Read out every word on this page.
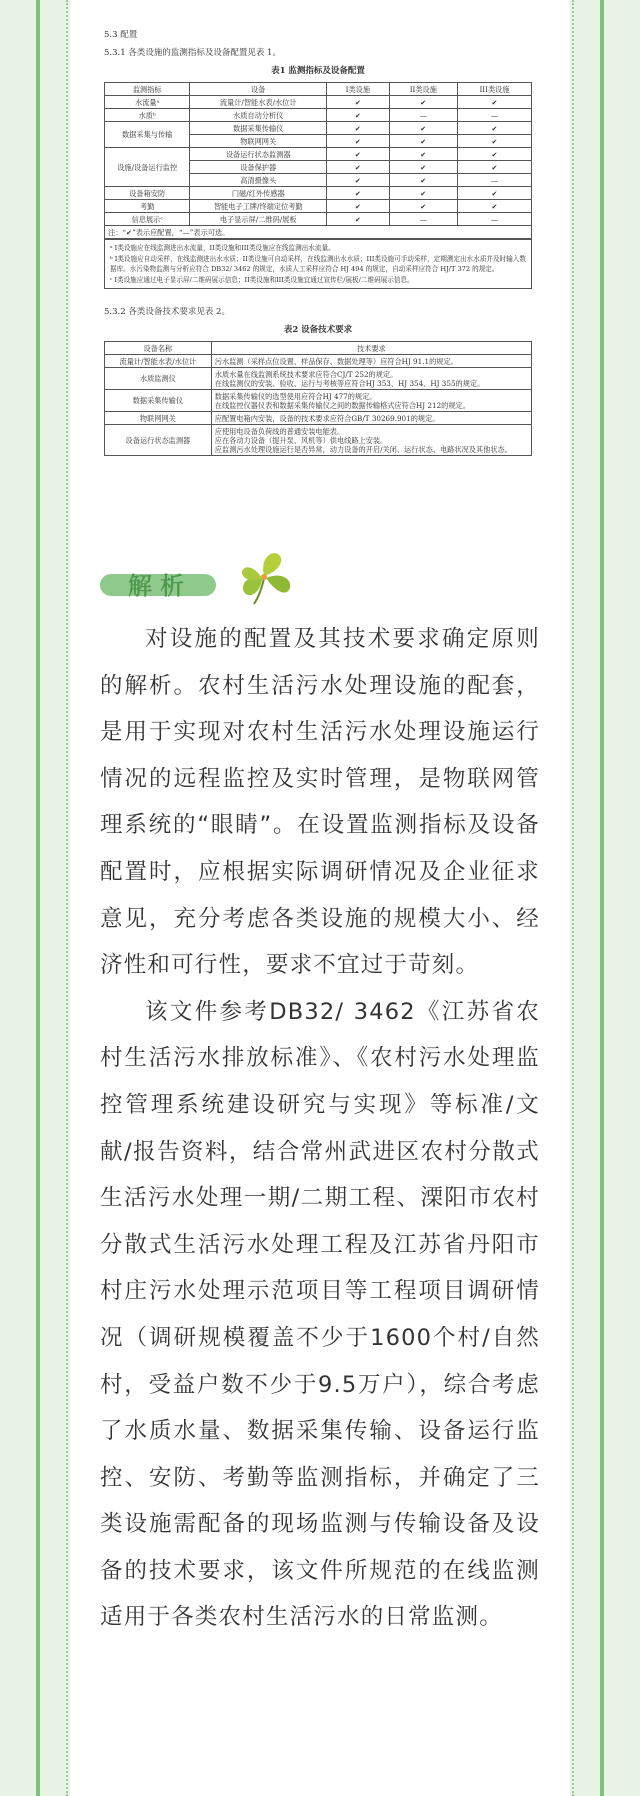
5.3 配置
5.3.1 各类设施的监测指标及设备配置见表 1。
表1 监测指标及设备配置
监测指标	设备	I类设施	II类设施	III类设施
水流量ᵃ	流量计/智能水表/水位计	✔	✔	✔
水质ᵇ	水质自动分析仪	✔	—	—
数据采集与传输	数据采集传输仪	✔	✔	✔
	物联网网关	✔	✔	✔
设施/设备运行监控	设备运行状态监测器	✔	✔	✔
	设备保护器	✔	✔	✔
	高清摄像头	✔	✔	—
设备箱安防	门磁/红外传感器	✔	✔	✔
考勤	智能电子工牌/终端定位考勤	✔	✔	✔
信息展示ᶜ	电子显示屏/二维码/展板	✔	—	—
注：“✔”表示应配置，“—”表示可选。				
ᵃ I类设施应在线监测进出水流量，II类设施和III类设施应在线监测出水流量。
ᵇ I类设施应自动采样，在线监测进出水水质；II类设施可自动采样，在线监测出水水质；III类设施可手动采样，定期测定出水水质并及时输入数据库。水污染物监测与分析应符合 DB32/ 3462 的规定，水质人工采样应符合 HJ 494 的规定，自动采样应符合 HJ/T 372 的规定。
ᶜ I类设施应通过电子显示屏/二维码展示信息；II类设施和III类设施宜通过宣传栏/展板/二维码展示信息。
5.3.2 各类设备技术要求见表 2。
表2 设备技术要求
设备名称	技术要求
流量计/智能水表/水位计	污水监测（采样点位设置、样品保存、数据处理等）应符合HJ 91.1的规定。

水质监测仪	水质水量在线监测系统技术要求应符合CJ/T 252的规定。
在线监测仪的安装、验收、运行与考核等应符合HJ 353、HJ 354、HJ 355的规定。

数据采集传输仪	数据采集传输仪的选型使用应符合HJ 477的规定。
在线监控仪器仪表和数据采集传输仪之间的数据传输格式应符合HJ 212的规定。

物联网网关	应配置电箱内安装，设备的技术要求应符合GB/T 30269.901的规定。

设备运行状态监测器	应使用电设备负荷线的普通安装电能表。
应在各动力设备（提升泵、风机等）供电线路上安装。
应监测污水处理设施运行是否异常，动力设备的开启/关闭、运行状态、电路状况及其他状态。
解析

对设施的配置及其技术要求确定原则的解析。农村生活污水处理设施的配套，是用于实现对农村生活污水处理设施运行情况的远程监控及实时管理，是物联网管理系统的“眼睛”。在设置监测指标及设备配置时，应根据实际调研情况及企业征求意见，充分考虑各类设施的规模大小、经济性和可行性，要求不宜过于苛刻。

该文件参考DB32/ 3462《江苏省农村生活污水排放标准》、《农村污水处理监控管理系统建设研究与实现》等标准/文献/报告资料，结合常州武进区农村分散式生活污水处理一期/二期工程、溧阳市农村分散式生活污水处理工程及江苏省丹阳市村庄污水处理示范项目等工程项目调研情况（调研规模覆盖不少于1600个村/自然村，受益户数不少于9.5万户），综合考虑了水质水量、数据采集传输、设备运行监控、安防、考勤等监测指标，并确定了三类设施需配备的现场监测与传输设备及设备的技术要求，该文件所规范的在线监测适用于各类农村生活污水的日常监测。
